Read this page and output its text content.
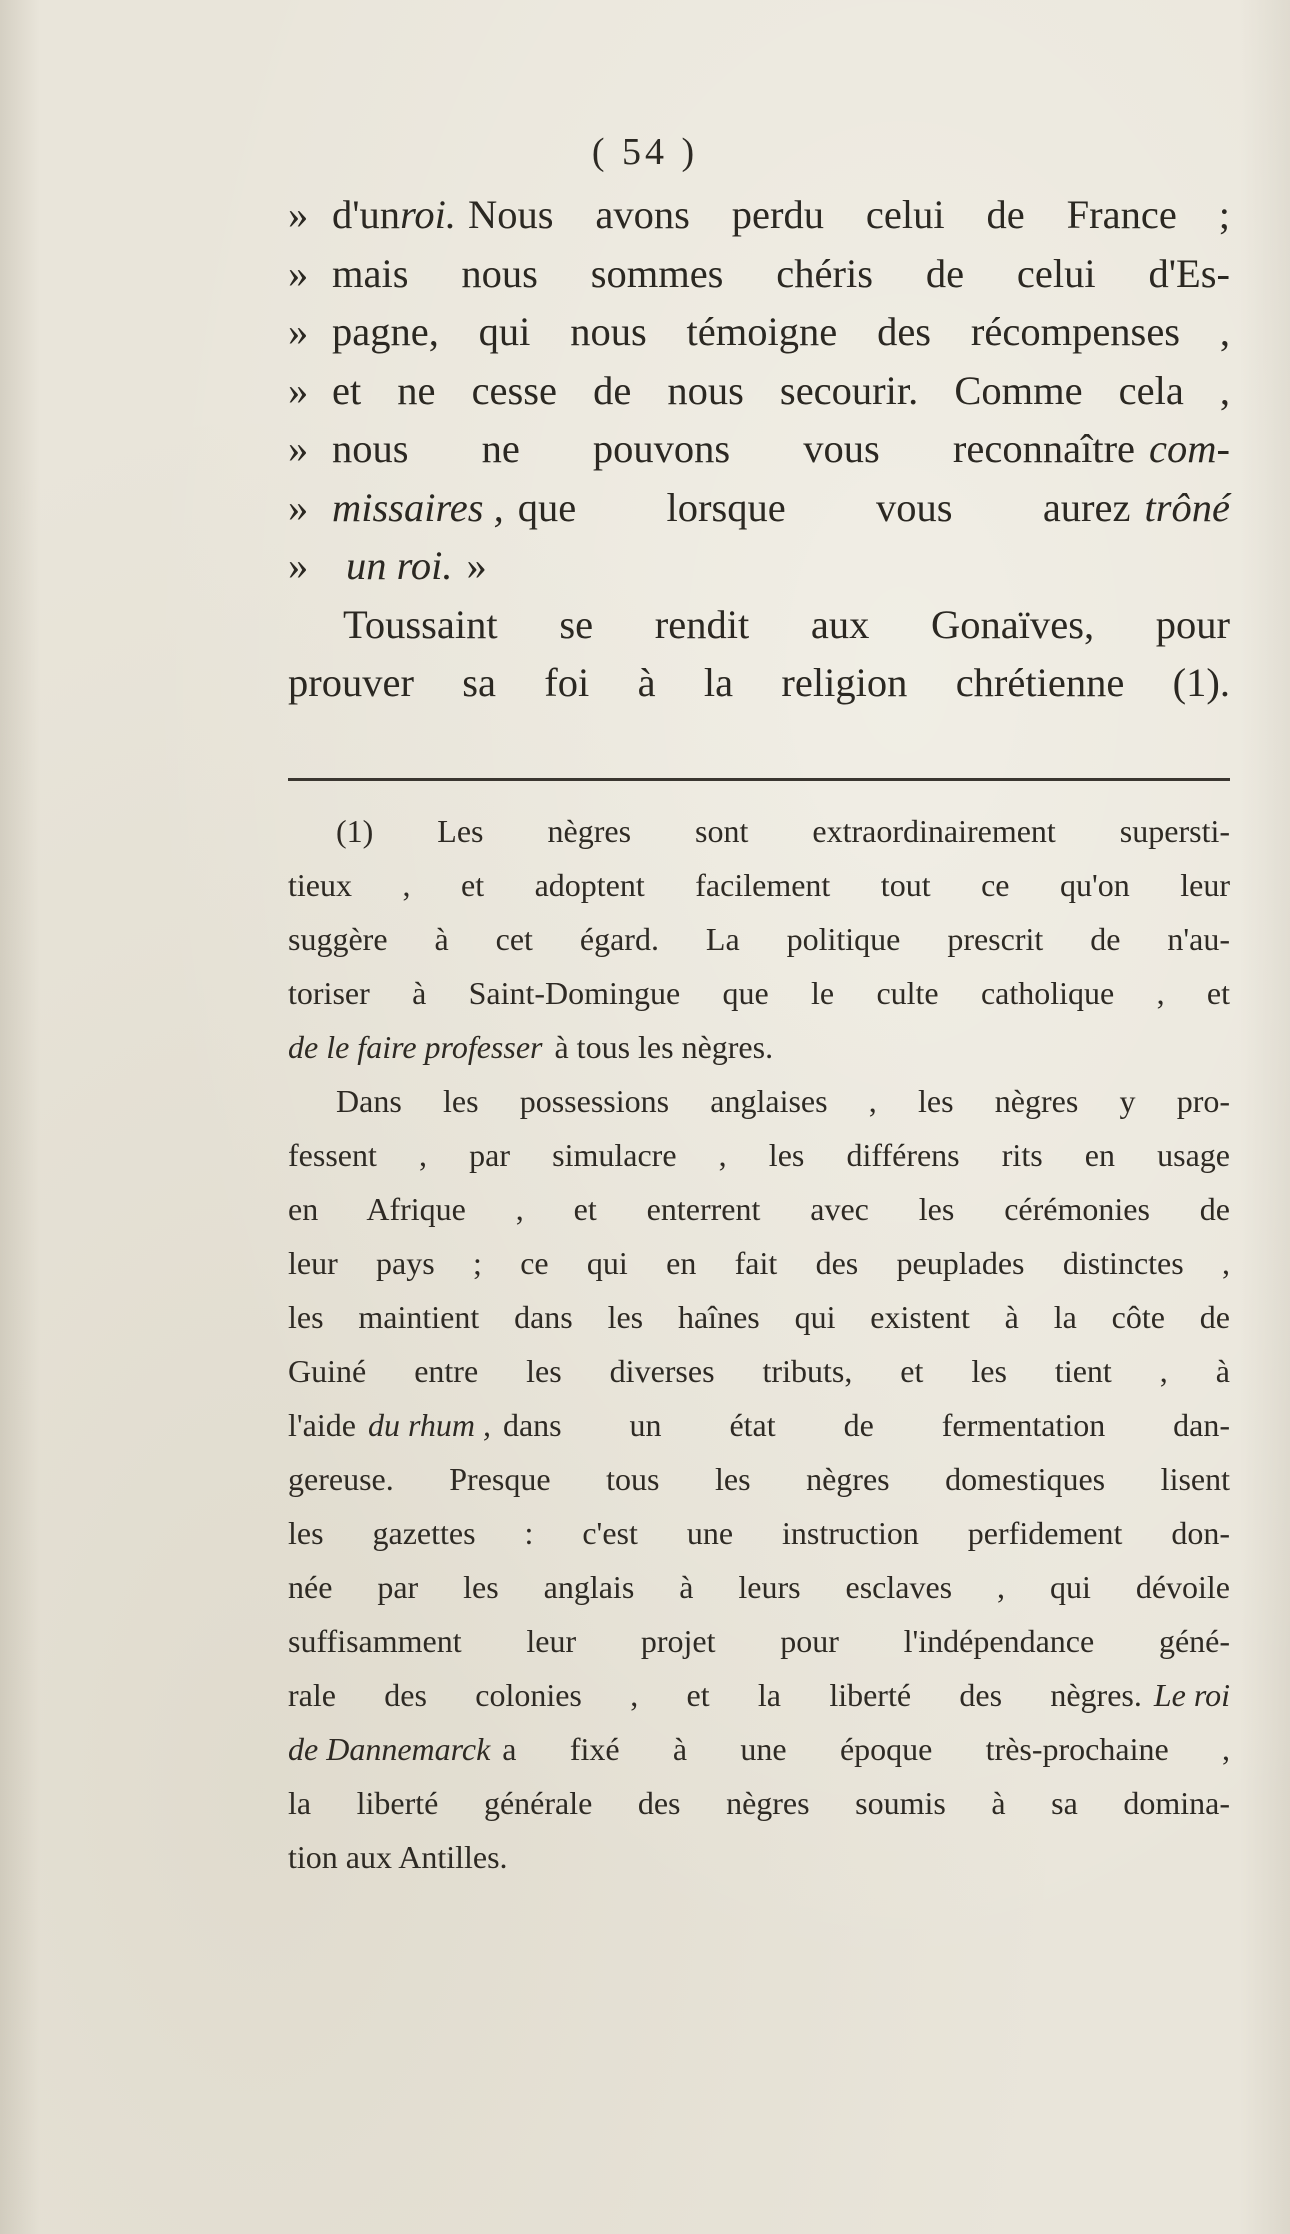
( 54 )
» d'un roi. Nous avons perdu celui de France ;
» mais nous sommes chéris de celui d'Es-
» pagne, qui nous témoigne des récompenses ,
» et ne cesse de nous secourir. Comme cela ,
» nous ne pouvons vous reconnaître com-
» missaires , que lorsque vous aurez trôné
» un roi. »
Toussaint se rendit aux Gonaïves, pour
prouver sa foi à la religion chrétienne (1).
(1) Les nègres sont extraordinairement supersti-
tieux , et adoptent facilement tout ce qu'on leur
suggère à cet égard. La politique prescrit de n'au-
toriser à Saint-Domingue que le culte catholique , et
de le faire professer à tous les nègres.
Dans les possessions anglaises , les nègres y pro-
fessent , par simulacre , les différens rits en usage
en Afrique , et enterrent avec les cérémonies de
leur pays ; ce qui en fait des peuplades distinctes ,
les maintient dans les haînes qui existent à la côte de
Guiné entre les diverses tributs, et les tient , à
l'aide du rhum , dans un état de fermentation dan-
gereuse. Presque tous les nègres domestiques lisent
les gazettes : c'est une instruction perfidement don-
née par les anglais à leurs esclaves , qui dévoile
suffisamment leur projet pour l'indépendance géné-
rale des colonies , et la liberté des nègres. Le roi
de Dannemarck a fixé à une époque très-prochaine ,
la liberté générale des nègres soumis à sa domina-
tion aux Antilles.
